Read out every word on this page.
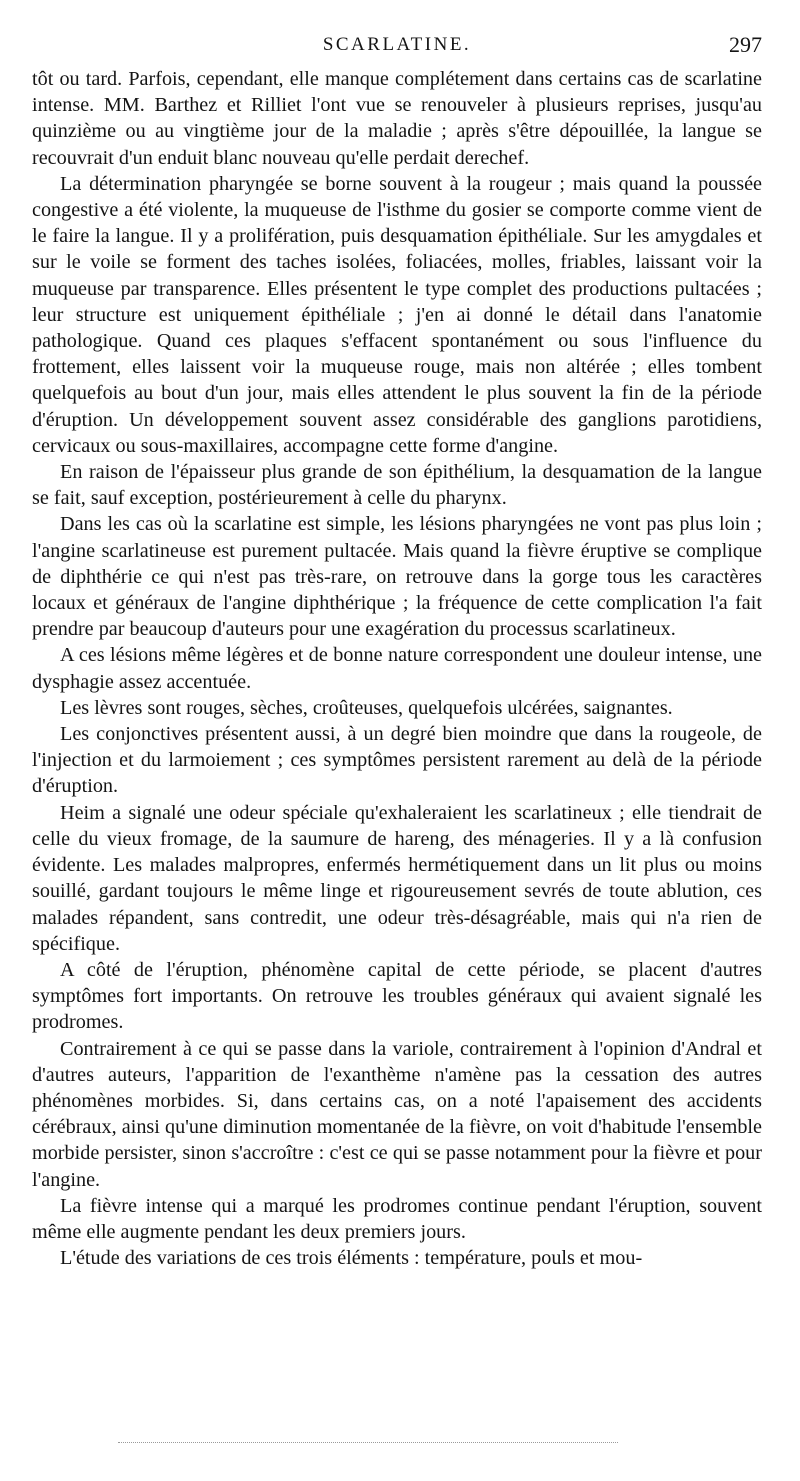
SCARLATINE.	297

tôt ou tard. Parfois, cependant, elle manque complétement dans certains cas de scarlatine intense. MM. Barthez et Rilliet l'ont vue se renouveler à plusieurs reprises, jusqu'au quinzième ou au vingtième jour de la maladie ; après s'être dépouillée, la langue se recouvrait d'un enduit blanc nouveau qu'elle perdait derechef.

La détermination pharyngée se borne souvent à la rougeur ; mais quand la poussée congestive a été violente, la muqueuse de l'isthme du gosier se comporte comme vient de le faire la langue. Il y a prolifération, puis desquamation épithéliale. Sur les amygdales et sur le voile se forment des taches isolées, foliacées, molles, friables, laissant voir la muqueuse par transparence. Elles présentent le type complet des productions pultacées ; leur structure est uniquement épithéliale ; j'en ai donné le détail dans l'anatomie pathologique. Quand ces plaques s'effacent spontanément ou sous l'influence du frottement, elles laissent voir la muqueuse rouge, mais non altérée ; elles tombent quelquefois au bout d'un jour, mais elles attendent le plus souvent la fin de la période d'éruption. Un développement souvent assez considérable des ganglions parotidiens, cervicaux ou sous-maxillaires, accompagne cette forme d'angine.

En raison de l'épaisseur plus grande de son épithélium, la desquamation de la langue se fait, sauf exception, postérieurement à celle du pharynx.

Dans les cas où la scarlatine est simple, les lésions pharyngées ne vont pas plus loin ; l'angine scarlatineuse est purement pultacée. Mais quand la fièvre éruptive se complique de diphthérie ce qui n'est pas très-rare, on retrouve dans la gorge tous les caractères locaux et généraux de l'angine diphthérique ; la fréquence de cette complication l'a fait prendre par beaucoup d'auteurs pour une exagération du processus scarlatineux.

A ces lésions même légères et de bonne nature correspondent une douleur intense, une dysphagie assez accentuée.

Les lèvres sont rouges, sèches, croûteuses, quelquefois ulcérées, saignantes.

Les conjonctives présentent aussi, à un degré bien moindre que dans la rougeole, de l'injection et du larmoiement ; ces symptômes persistent rarement au delà de la période d'éruption.

Heim a signalé une odeur spéciale qu'exhaleraient les scarlatineux ; elle tiendrait de celle du vieux fromage, de la saumure de hareng, des ménageries. Il y a là confusion évidente. Les malades malpropres, enfermés hermétiquement dans un lit plus ou moins souillé, gardant toujours le même linge et rigoureusement sevrés de toute ablution, ces malades répandent, sans contredit, une odeur très-désagréable, mais qui n'a rien de spécifique.

A côté de l'éruption, phénomène capital de cette période, se placent d'autres symptômes fort importants. On retrouve les troubles généraux qui avaient signalé les prodromes.

Contrairement à ce qui se passe dans la variole, contrairement à l'opinion d'Andral et d'autres auteurs, l'apparition de l'exanthème n'amène pas la cessation des autres phénomènes morbides. Si, dans certains cas, on a noté l'apaisement des accidents cérébraux, ainsi qu'une diminution momentanée de la fièvre, on voit d'habitude l'ensemble morbide persister, sinon s'accroître : c'est ce qui se passe notamment pour la fièvre et pour l'angine.

La fièvre intense qui a marqué les prodromes continue pendant l'éruption, souvent même elle augmente pendant les deux premiers jours.

L'étude des variations de ces trois éléments : température, pouls et mou-
